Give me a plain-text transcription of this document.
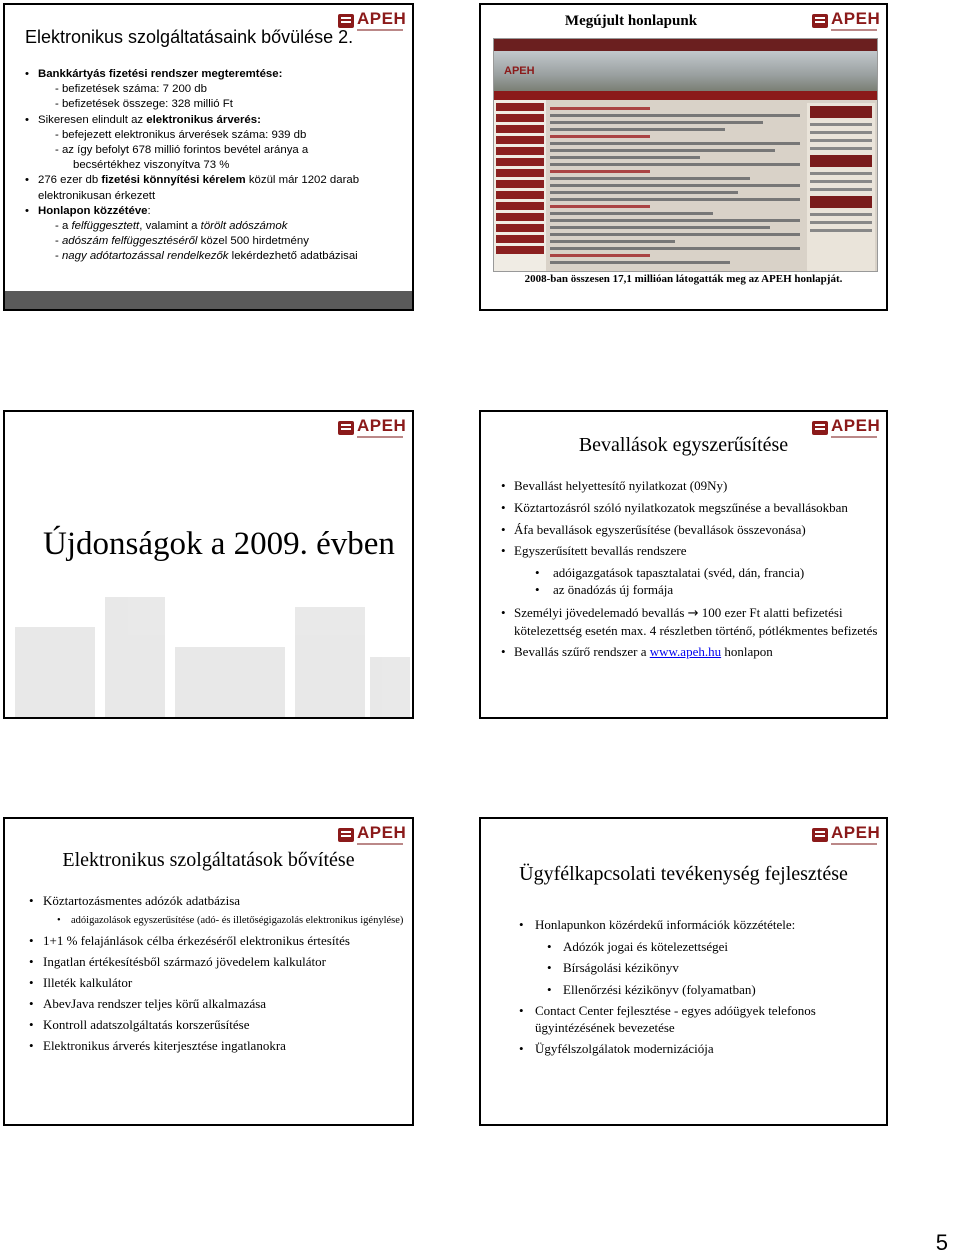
APEH
Elektronikus szolgáltatásaink bővülése 2.
• Bankkártyás fizetési rendszer megteremtése:
- befizetések száma: 7 200 db
- befizetések összege: 328 millió Ft
• Sikeresen elindult az elektronikus árverés:
- befejezett elektronikus árverések száma: 939 db
- az így befolyt 678 millió forintos bevétel aránya a
becsértékhez viszonyítva 73 %
• 276 ezer db fizetési könnyítési kérelem közül már 1202 darab elektronikusan érkezett
• Honlapon közzétéve:
- a felfüggesztett, valamint a törölt adószámok
- adószám felfüggesztéséről közel 500 hirdetmény
- nagy adótartozással rendelkezők lekérdezhető adatbázisai
APEH
Megújult honlapunk
APEH
2008-ban összesen 17,1 millióan látogatták meg az APEH honlapját.
APEH
Újdonságok a 2009. évben
APEH
Bevallások egyszerűsítése
• Bevallást helyettesítő nyilatkozat (09Ny)
• Köztartozásról szóló nyilatkozatok megszűnése a bevallásokban
• Áfa bevallások egyszerűsítése (bevallások összevonása)
• Egyszerűsített bevallás rendszere
• adóigazgatások tapasztalatai (svéd, dán, francia)
• az önadózás új formája
• Személyi jövedelemadó bevallás → 100 ezer Ft alatti befizetési kötelezettség esetén max. 4 részletben történő, pótlékmentes befizetés
• Bevallás szűrő rendszer a www.apeh.hu honlapon
APEH
Elektronikus szolgáltatások bővítése
• Köztartozásmentes adózók adatbázisa
• adóigazolások egyszerűsítése (adó- és illetőségigazolás elektronikus igénylése)
• 1+1 % felajánlások célba érkezéséről elektronikus értesítés
• Ingatlan értékesítésből származó jövedelem kalkulátor
• Illeték kalkulátor
• AbevJava rendszer teljes körű alkalmazása
• Kontroll adatszolgáltatás korszerűsítése
• Elektronikus árverés kiterjesztése ingatlanokra
APEH
Ügyfélkapcsolati tevékenység fejlesztése
• Honlapunkon közérdekű információk közzététele:
• Adózók jogai és kötelezettségei
• Bírságolási kézikönyv
• Ellenőrzési kézikönyv (folyamatban)
• Contact Center fejlesztése - egyes adóügyek telefonos ügyintézésének bevezetése
• Ügyfélszolgálatok modernizációja
5
